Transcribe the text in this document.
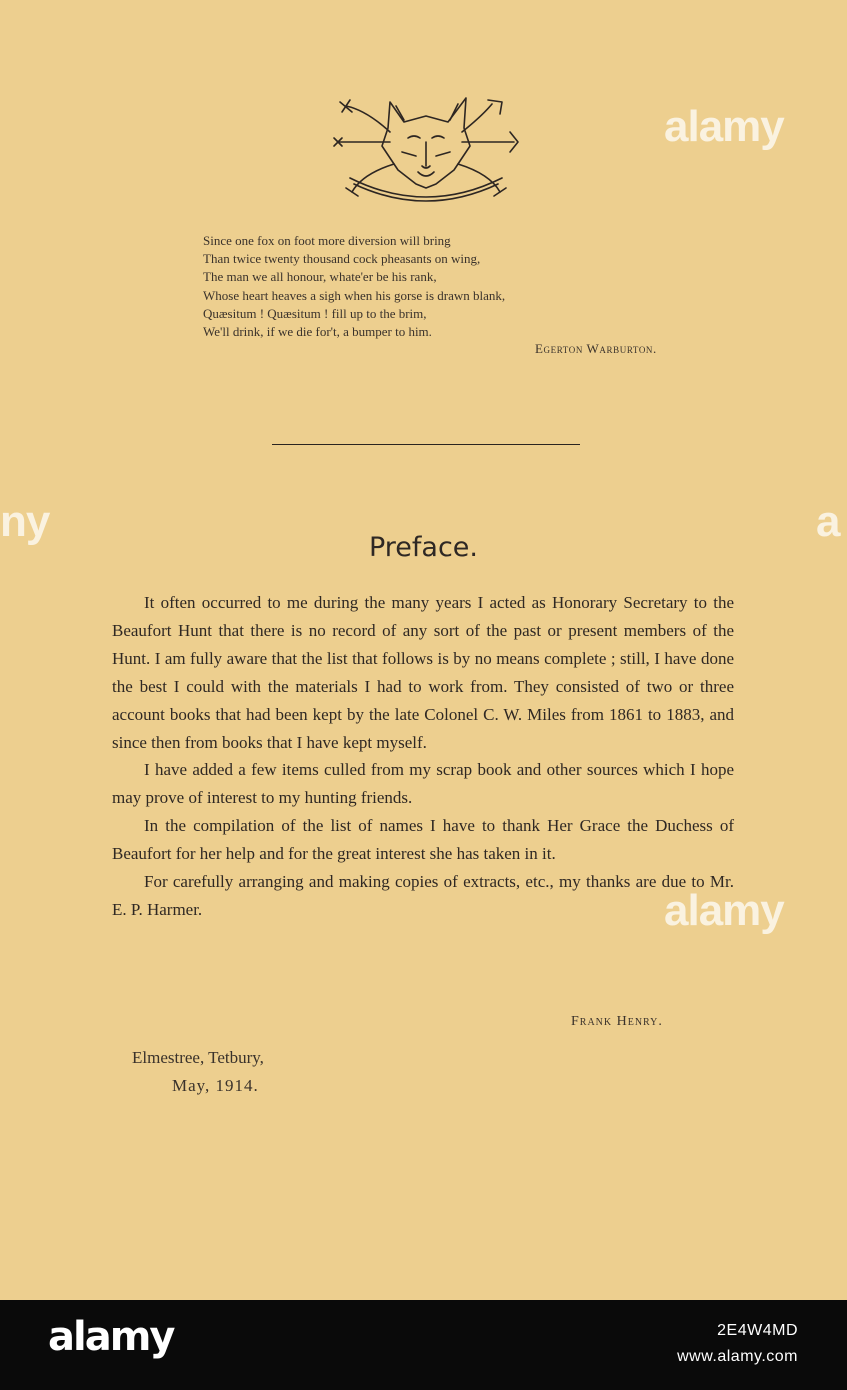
Since one fox on foot more diversion will bring
Than twice twenty thousand cock pheasants on wing,
The man we all honour, whate'er be his rank,
Whose heart heaves a sigh when his gorse is drawn blank,
Quæsitum ! Quæsitum ! fill up to the brim,
We'll drink, if we die for't, a bumper to him.
Egerton Warburton.
Preface.

It often occurred to me during the many years I acted as Honorary Secretary to the Beaufort Hunt that there is no record of any sort of the past or present members of the Hunt. I am fully aware that the list that follows is by no means complete ; still, I have done the best I could with the materials I had to work from. They consisted of two or three account books that had been kept by the late Colonel C. W. Miles from 1861 to 1883, and since then from books that I have kept myself.

I have added a few items culled from my scrap book and other sources which I hope may prove of interest to my hunting friends.

In the compilation of the list of names I have to thank Her Grace the Duchess of Beaufort for her help and for the great interest she has taken in it.

For carefully arranging and making copies of extracts, etc., my thanks are due to Mr. E. P. Harmer.

Frank Henry.
Elmestree, Tetbury,
May, 1914.
alamy
alamy
ny	a
alamy	2E4W4MD
www.alamy.com
